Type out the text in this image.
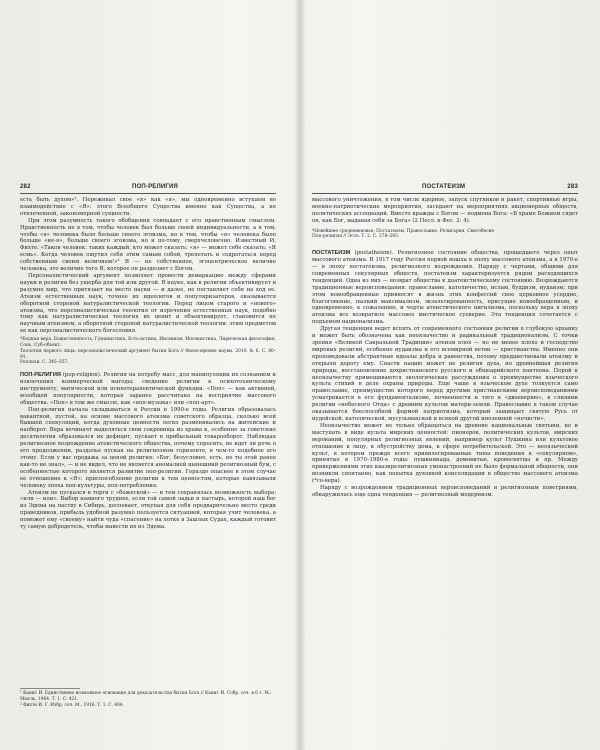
282	ПОП-РЕЛИГИЯ

есть быть духом»¹. Переживал свое «я» как «я», мы одновременно вступаем во взаимодействие с «Я»: этого Всеобщего Существа именно как Существа, а не отвлеченной, закономерной сущности.

При этом разумность такого обобщения совпадает с его нравственным смыслом. Нравственность не в том, чтобы человек был больше своей индивидуальности, а в том, чтобы «я» человека было больше своего эгоизма, но в том, чтобы «я» человека было больше «не-я», больше своего эгоизма, но и по-тому, сверхчеловечно. Известный И. Фихте: «Таков человек: таких каждый, кто может сказать: «я» — может себе сказать: «Я есмь». Когда человек ощутил себя этим самым собой, трепетать и содрогаться перед собственным своим величием!»² Я — не собственное, эгоцентрическое величие человека, это величие того Я, которое он разделяет с Богом.

Персоналистический аргумент позволяет провести демаркацию между сферами науки и религии без ущерба для той или другой. В науке, как в религии объективирует и разумно мир, что притязает на место науки — и далее, не поставляет себя на ход ее. Атеизм естественных наук, точнее их идеологов и популяризаторов, оказывается оборотной стороной натуралистической теологии. Перед лицом старого и «нового» атеизма, что персоналистическая теология от изречения естественных наук, подобно тому как натуралистическая теология их ценит и объективирует, становится не научным атеизмом, а оборотной стороной натуралистической теологии: этим предметом ее как персоналистического богословия.

*Бедная вера. Божественность, Гуманистика, Есть-истина, Иисекизм, Ипсекистика, Лирическая философия, Сонь, Суб-объект.
Теология первого лица: персоналистический аргумент бытия Бога // Философские науки. 2010. № 6. С. 80–91.
Реллизи. С. 345–357.

ПОП-РЕЛИГИЯ (pop-religion). Религия на потребу масс, для манипуляции их сознанием и извлечения коммерческой выгоды; сведение религии к психотехническому инструменту, магической или психотерапевтической функции. «Поп» — как активной, всеобщей популярности, которая заранее рассчитана на восприятие массового общества. «Поп» в том же смысле, как «поп-музыка» или «поп-арт».

Поп-религия начала складываться в России в 1990-е годы. Религия образовалась вакантной, пустой, на основе массового атеизма советского образца, сколько всей бывшей спекуляций, когда духовные ценности легко разменивались на житейские и наоборот. Вера вечиначт выделяться свои сокровища из храма к, особенно за советские десятилетия образовался их дефицит, пускает в прибыльный товарооборот. Наблюдая религиозное возрождение атеистического общества, почему спросить, не идет ли речь о его продолжении, раздолье пуская на религиозном горизонте, в чем-то подобное его этому. Если у вас продажа за ценой религия: «Бог, безусловно, есть, но ты этой ранее как-то не знал», — и не видел, что не является аномалией нынешний религиозный бум, с особенностью которого является развитие поп-религии. Гораздо опаснее в этом случае ее отношение к «Я»: приспособление религии к тем ценностям, которые навязывали человеку эпоха поп-культуры, поп-потребления.

Атеизм не пускался в торги с «божеской» — и тем сохранялась возможность выбора: «или — или». Выбор намного труднее, если той самой ладьи и пастырь, которой наш бог из Эдема на паству в Сибирь, доспевает, откупая для себя предварительно место среди праведников, прибыль удобной разумно пользуется ситуацией, которая учит человека, а поможет ему «своему» найти чуда «спасение» на лотке в Зашлых Судах, каждый готовит ту самую добродетель, чтобы вывести их из Эдема.

¹ Канит И. Единственно возможное основание для доказательства бытия Бога // Канит И. Собр. соч. в 6 т. М.: Мысль, 1964. Т. 1. С. 421.

² Фихте И. Г. Избр. соч. М., 1916. Т. 1. С. 404.

ПОСТАТЕИЗМ	283

массового уничтожения, в том числе ядерное, запуск спутников и ракет, спортивные игры, военно-патриотические мероприятия, заседают на мероприятиях акционерных обществ, политических ассоциаций. Вместо вражды с Богом — подмена Бога: «В храме Божием сядет он, как Бог, выдавая себя за Бога» (2 Посл. к Фес. 2: 4).

*Новейшее средневековье, Постатеизм, Православие, Религария, Святобесие
Поп-религия // Эссе. Т. 2. С. 278–283.

ПОСТАТЕИЗМ (postatheism). Религиозное состояние общества, прошедшего через опыт массового атеизма. В 1917 году Россия первой вошла в эпоху массового атеизма, а в 1970-е — в эпоху постатеизма, религиозного возрождения. Наряду с чертами, общими для современных секулярных обществ, постатеизм характеризуется рядом расходящихся тенденций. Одна из них — возврат общества к доатеистическому состоянию. Возрождаются традиционные вероисповедания: православие, католичество, ислам, буддизм, иудаизм; при этом новообращенные привносят в жизнь этих конфессий свое церковное усердие, благоговение, пылкий максимализм, экзальтированность, присущие новообращенным, и одновременно, к сожалению, и черты атеистического нигилизма, поскольку вера в эпоху атеизма все возвратило массовое мистическое суеверие. Эта тенденция сочетается с подъемом национализма.

Другая тенденция ведет вспять от современного состояния религии в глубокую архаику и может быть обозначена как неоязычество и радикальный традиционализм. С точки зрения «Великой Сакральной Традиции» атеизм плох — но не менее плохо и господство мировых религий, особенно иудаизма и его всемирной ветви — христианства. Именно они проповедовали абстрактные идеалы добра и равенства, потому предшествовали атеизму и открыли дорогу ему. Спасти нацию может не религия духа, но древнейшая религия природы, восстановление дохристианского русского и общеарийского пантеона. Порой к неоязычеству примешиваются экологические рассуждения о преимуществе языческого культа стихий в деле охраны природы. Еще чаще в языческом духе толкуется само православие, преимущество которого перед другими христианскими вероисповеданиями усматривается в его фундаментализме, почвенности и тяге к «двоеверию», в слиянии религии «небесного Отца» с древним культом матери-земли. Православие в таком случае оказывается боеспособной формой патриотизма, который защищает святую Русь от иудейской, католической, мусульманской и всякой другой иноземной «нечисти».

Неоязычество может не только обращаться на древние национальные святыни, но и выступать в виде культа мирских ценностей: пионеров, политических культов, мирских верований, популярных религиозных явлений, например культ Пушкина или культовое отношение к лицу, к обустройству дома, к сфере потребительской. Это — неоязыческий культ, в котором прежде всего привилегированные типы поведения в «секулярном», принятые в 1970–1980-е годы: пушкиниада, домовитые, кровосвятцы и пр. Между привержениями этих квазирелигиозных умонастроений не было формальной общности, они возникли спонтанно, как попытка духовной консолидации в обществе массового атеизма (*со-вера).

Наряду с возрождением традиционных вероисповеданий и религиозным поветриями, обнаружилась еще одна тенденция — религиозный модернизм.
